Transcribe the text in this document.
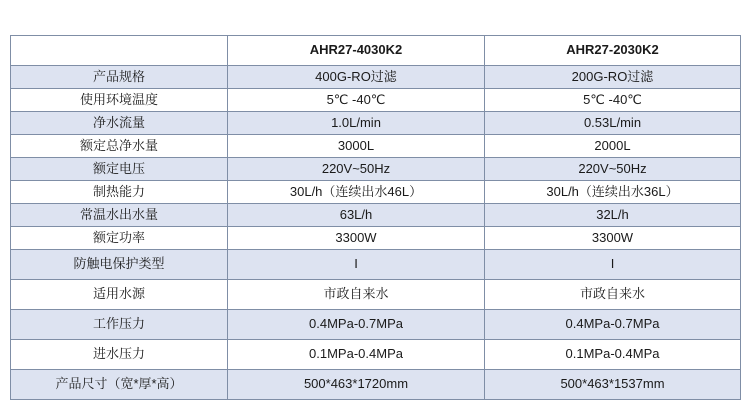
	AHR27-4030K2	AHR27-2030K2
产品规格	400G-RO过滤	200G-RO过滤
使用环境温度	5℃ -40℃	5℃ -40℃
净水流量	1.0L/min	0.53L/min
额定总净水量	3000L	2000L
额定电压	220V~50Hz	220V~50Hz
制热能力	30L/h（连续出水46L）	30L/h（连续出水36L）
常温水出水量	63L/h	32L/h
额定功率	3300W	3300W
防触电保护类型	I	I
适用水源	市政自来水	市政自来水
工作压力	0.4MPa-0.7MPa	0.4MPa-0.7MPa
进水压力	0.1MPa-0.4MPa	0.1MPa-0.4MPa
产品尺寸（宽*厚*高）	500*463*1720mm	500*463*1537mm
